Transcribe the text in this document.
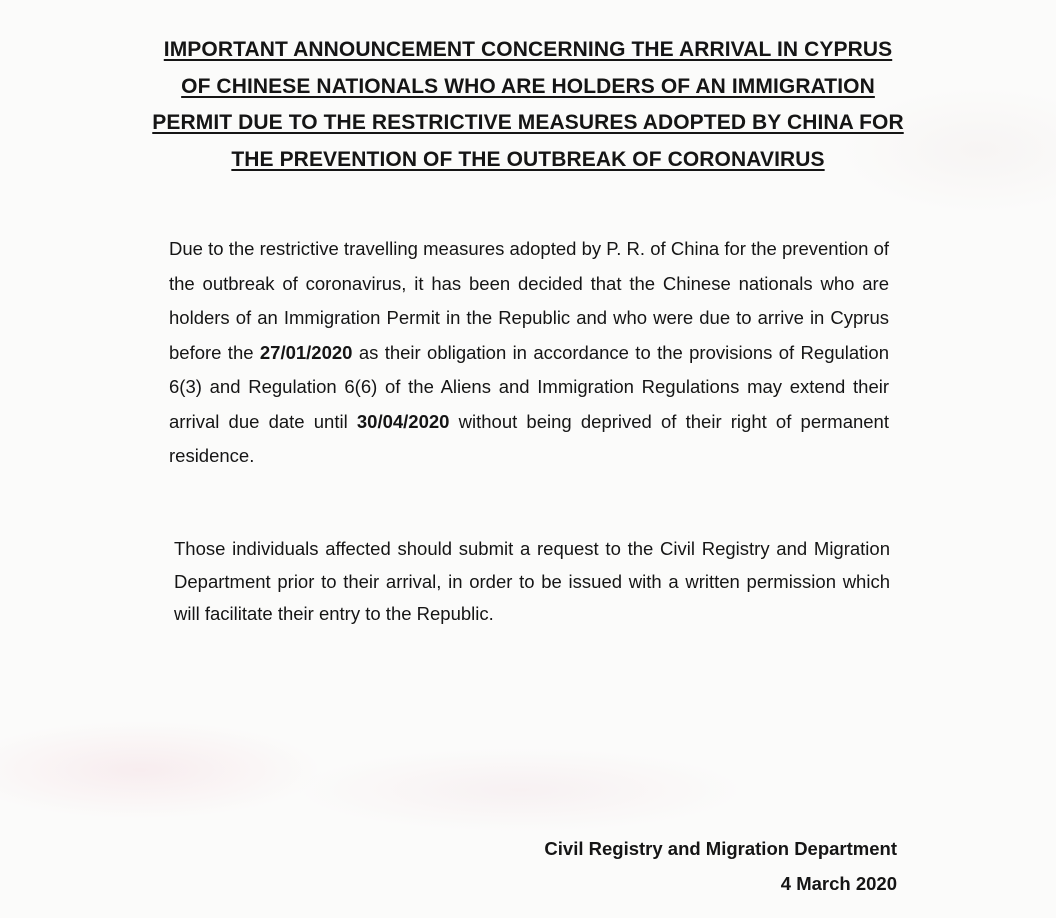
IMPORTANT ANNOUNCEMENT CONCERNING THE ARRIVAL IN CYPRUS
OF CHINESE NATIONALS WHO ARE HOLDERS OF AN IMMIGRATION
PERMIT DUE TO THE RESTRICTIVE MEASURES ADOPTED BY CHINA FOR
THE PREVENTION OF THE OUTBREAK OF CORONAVIRUS

Due to the restrictive travelling measures adopted by P. R. of China for the prevention of the outbreak of coronavirus, it has been decided that the Chinese nationals who are holders of an Immigration Permit in the Republic and who were due to arrive in Cyprus before the 27/01/2020 as their obligation in accordance to the provisions of Regulation 6(3) and Regulation 6(6) of the Aliens and Immigration Regulations may extend their arrival due date until 30/04/2020 without being deprived of their right of permanent residence.

Those individuals affected should submit a request to the Civil Registry and Migration Department prior to their arrival, in order to be issued with a written permission which will facilitate their entry to the Republic.

Civil Registry and Migration Department
4 March 2020
